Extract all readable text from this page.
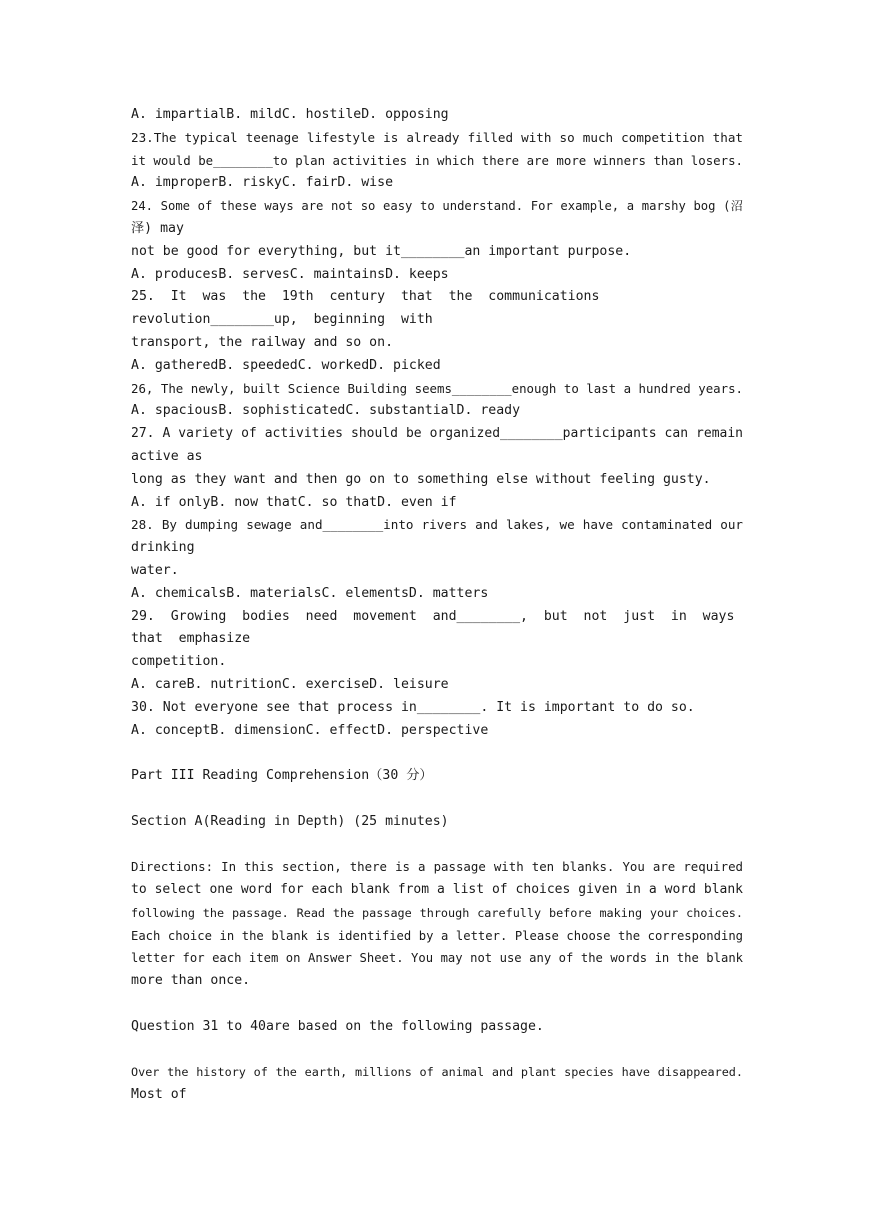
A. impartialB. mildC. hostileD. opposing
23.The typical teenage lifestyle is already filled with so much competition that
it would be________to plan activities in which there are more winners than losers.
A. improperB. riskyC. fairD. wise
24. Some of these ways are not so easy to understand. For example, a marshy bog (沼
泽) may
not be good for everything, but it________an important purpose.
A. producesB. servesC. maintainsD. keeps
25.  It  was  the  19th  century  that  the  communications
revolution________up,  beginning  with
transport, the railway and so on.
A. gatheredB. speededC. workedD. picked
26, The newly, built Science Building seems________enough to last a hundred years.
A. spaciousB. sophisticatedC. substantialD. ready
27. A variety of activities should be organized________participants can remain
active as
long as they want and then go on to something else without feeling gusty.
A. if onlyB. now thatC. so thatD. even if
28. By dumping sewage and________into rivers and lakes, we have contaminated our
drinking
water.
A. chemicalsB. materialsC. elementsD. matters
29.  Growing  bodies  need  movement  and________,  but  not  just  in  ways
that  emphasize
competition.
A. careB. nutritionC. exerciseD. leisure
30. Not everyone see that process in________. It is important to do so.
A. conceptB. dimensionC. effectD. perspective
Part III Reading Comprehension（30 分）
Section A(Reading in Depth) (25 minutes)
Directions: In this section, there is a passage with ten blanks. You are required
to select one word for each blank from a list of choices given in a word blank
following the passage. Read the passage through carefully before making your choices.
Each choice in the blank is identified by a letter. Please choose the corresponding
letter for each item on Answer Sheet. You may not use any of the words in the blank
more than once.
Question 31 to 40are based on the following passage.
Over the history of the earth, millions of animal and plant species have disappeared.
Most of
